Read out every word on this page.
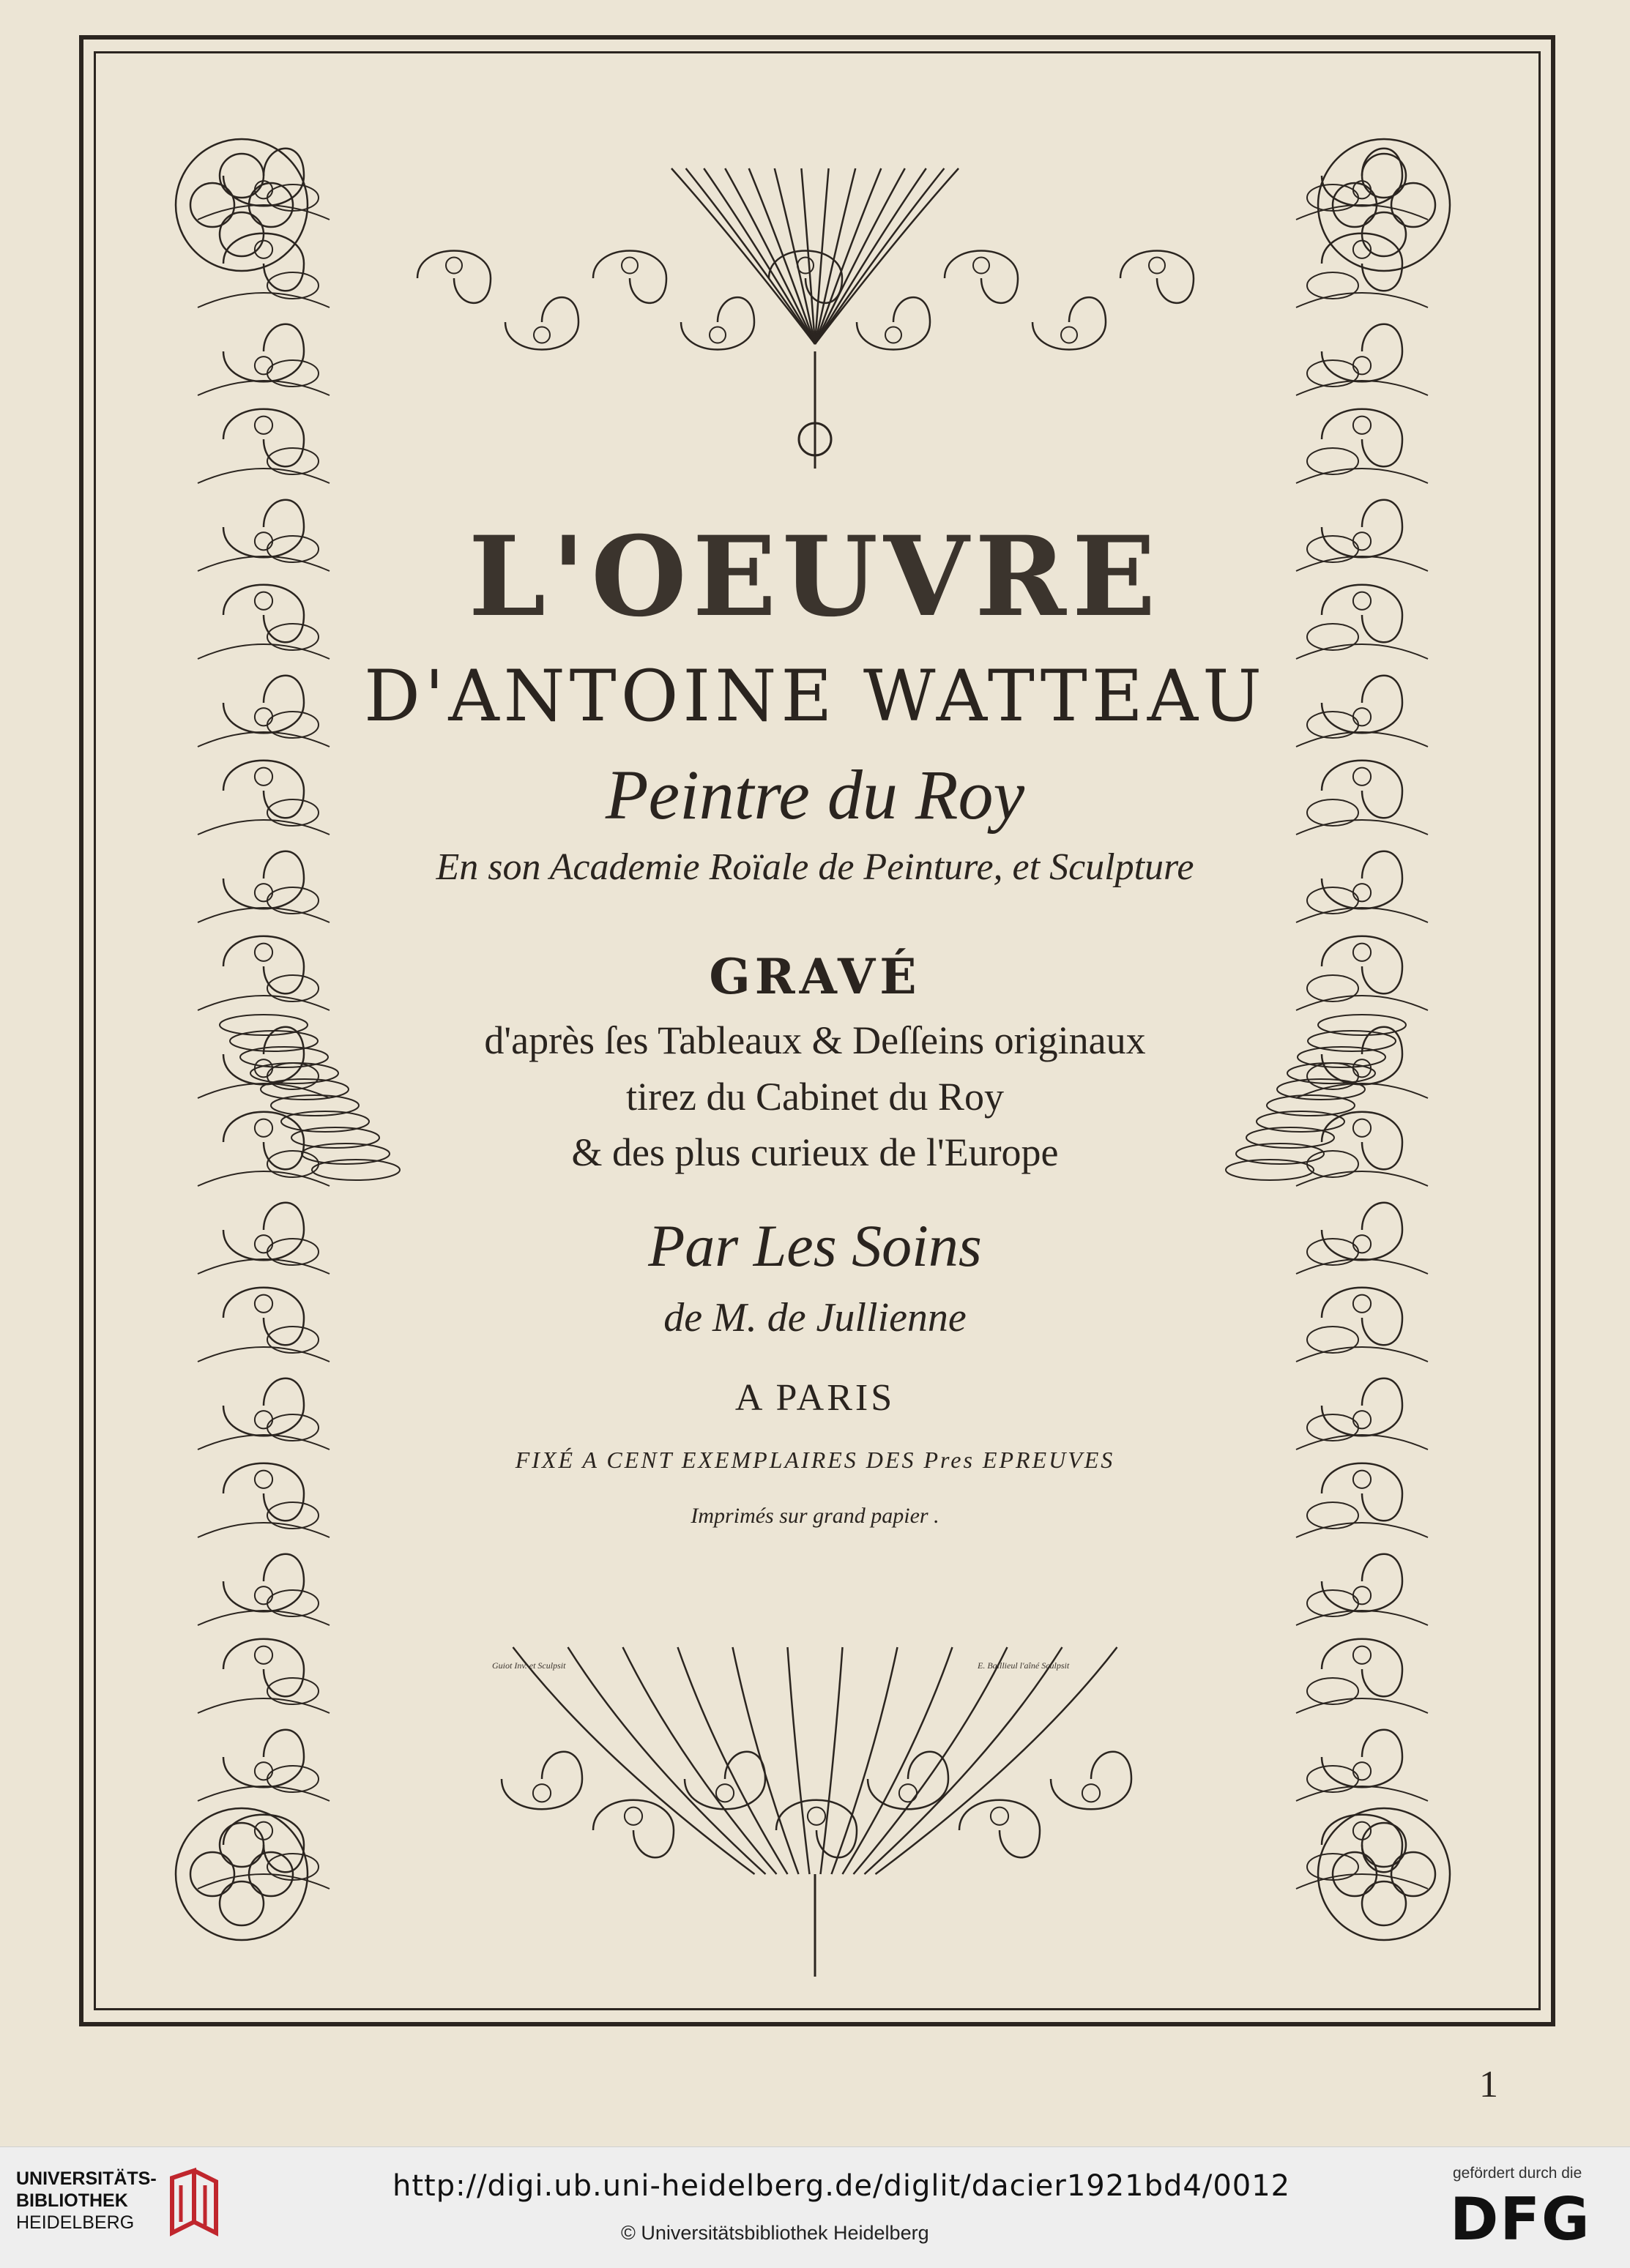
L'OEUVRE
D'ANTOINE WATTEAU
Peintre du Roy
En son Academie Roïale de Peinture, et Sculpture
GRAVÉ
d'après ſes Tableaux & Deſſeins originaux
tirez du Cabinet du Roy
& des plus curieux de l'Europe
Par Les Soins
de M. de Jullienne
A PARIS
FIXÉ A CENT EXEMPLAIRES DES Pres EPREUVES
Imprimés sur grand papier .
Guiot Inv. et Sculpsit	E. Baillieul l'aîné Sculpsit
1
UNIVERSITÄTS-
BIBLIOTHEK
HEIDELBERG
http://digi.ub.uni-heidelberg.de/diglit/dacier1921bd4/0012
© Universitätsbibliothek Heidelberg
gefördert durch die
DFG
